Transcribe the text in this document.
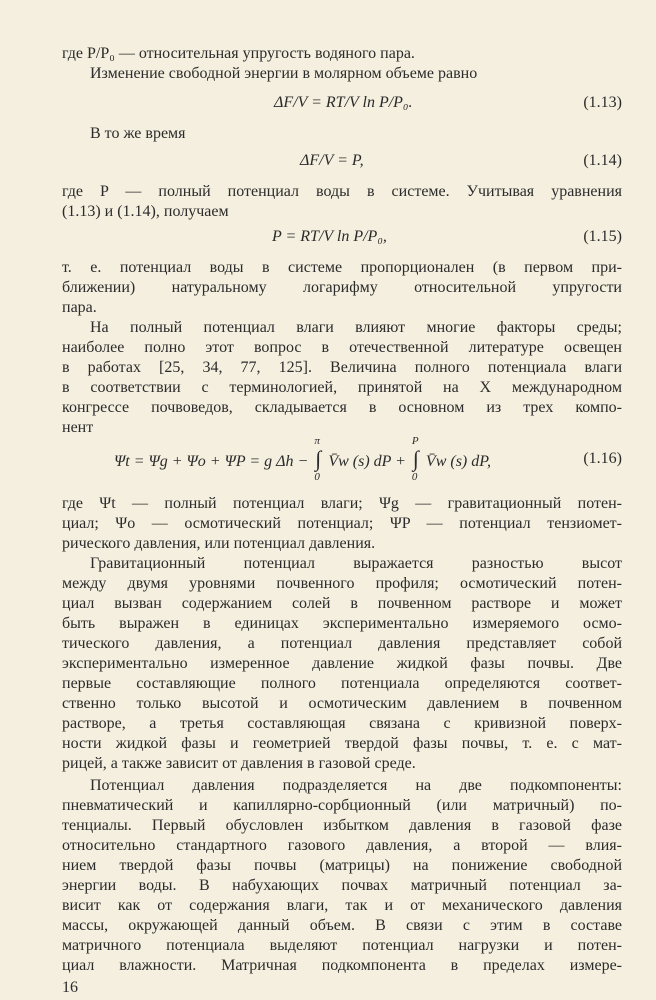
где P/P₀ — относительная упругость водяного пара.
Изменение свободной энергии в молярном объеме равно
ΔF/V = RT/V ln P/P₀.	(1.13)
В то же время
ΔF/V = P,	(1.14)
где P — полный потенциал воды в системе. Учитывая уравнения
(1.13) и (1.14), получаем
P = RT/V ln P/P₀,	(1.15)
т. е. потенциал воды в системе пропорционален (в первом при-
ближении) натуральному логарифму относительной упругости
пара.
На полный потенциал влаги влияют многие факторы среды;
наиболее полно этот вопрос в отечественной литературе освещен
в работах [25, 34, 77, 125]. Величина полного потенциала влаги
в соответствии с терминологией, принятой на X международном
конгрессе почвоведов, складывается в основном из трех компо-
нент
Ψt = Ψg + Ψo + ΨP = g Δh −
π
∫
0
V̄w (s) dP +
P
∫
0
V̄w (s) dP,	(1.16)
где Ψt — полный потенциал влаги; Ψg — гравитационный потен-
циал; Ψo — осмотический потенциал; ΨP — потенциал тензиомет-
рического давления, или потенциал давления.
Гравитационный потенциал выражается разностью высот
между двумя уровнями почвенного профиля; осмотический потен-
циал вызван содержанием солей в почвенном растворе и может
быть выражен в единицах экспериментально измеряемого осмо-
тического давления, а потенциал давления представляет собой
экспериментально измеренное давление жидкой фазы почвы. Две
первые составляющие полного потенциала определяются соответ-
ственно только высотой и осмотическим давлением в почвенном
растворе, а третья составляющая связана с кривизной поверх-
ности жидкой фазы и геометрией твердой фазы почвы, т. е. с мат-
рицей, а также зависит от давления в газовой среде.
Потенциал давления подразделяется на две подкомпоненты:
пневматический и капиллярно-сорбционный (или матричный) по-
тенциалы. Первый обусловлен избытком давления в газовой фазе
относительно стандартного газового давления, а второй — влия-
нием твердой фазы почвы (матрицы) на понижение свободной
энергии воды. В набухающих почвах матричный потенциал за-
висит как от содержания влаги, так и от механического давления
массы, окружающей данный объем. В связи с этим в составе
матричного потенциала выделяют потенциал нагрузки и потен-
циал влажности. Матричная подкомпонента в пределах измере-
16
